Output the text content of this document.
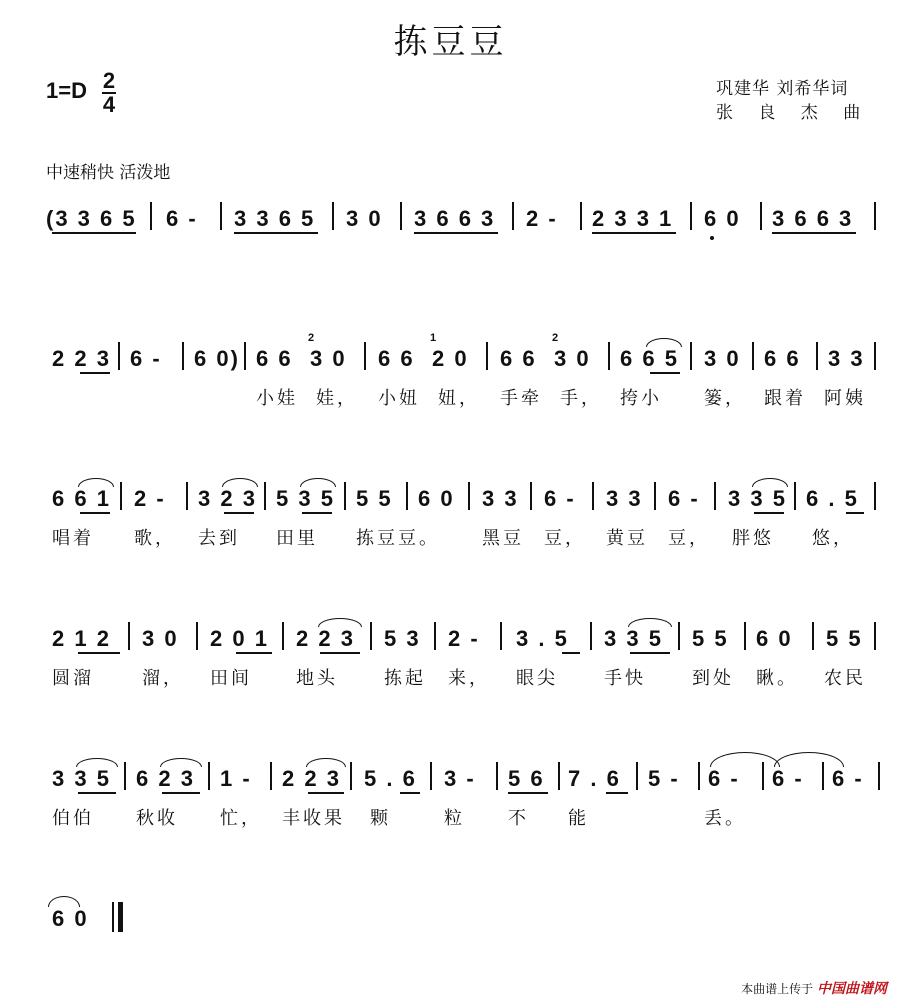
拣豆豆
1=D 2
4
巩建华 刘希华词
张 良 杰 曲
中速稍快 活泼地
(3 3 6 5 6 - 3 3 6 5 3 0 3 6 6 3 2 - 2 3 3 1 6 0 3 6 6 3
2 2 3 6 - 6 0) 6 6 3 0
2
6 6 2 0
1
6 6 3 0
2
6 6 5 3 0 6 6 3 3
小娃 娃， 小妞 妞， 手牵 手， 挎小 篓， 跟着 阿姨
6 6 1 2 - 3 2 3 5 3 5 5 5 6 0 3 3 6 - 3 3 6 - 3 3 5 6 . 5
唱着 歌， 去到 田里 拣豆豆。 黑豆 豆， 黄豆 豆， 胖悠 悠，
2 1 2 3 0 2 0 1 2 2 3 5 3 2 - 3 . 5 3 3 5 5 5 6 0 5 5
圆溜	溜， 田间 地头	拣起 来， 眼尖	手快	到处 瞅。 农民
3 3 5 6 2 3 1 - 2 2 3 5 . 6 3 - 5 6 7 . 6 5 - 6 - 6 - 6 -
伯伯 秋收 忙， 丰收果 颗	粒 不 能	丢。
6 0
本曲谱上传于 中国曲谱网
